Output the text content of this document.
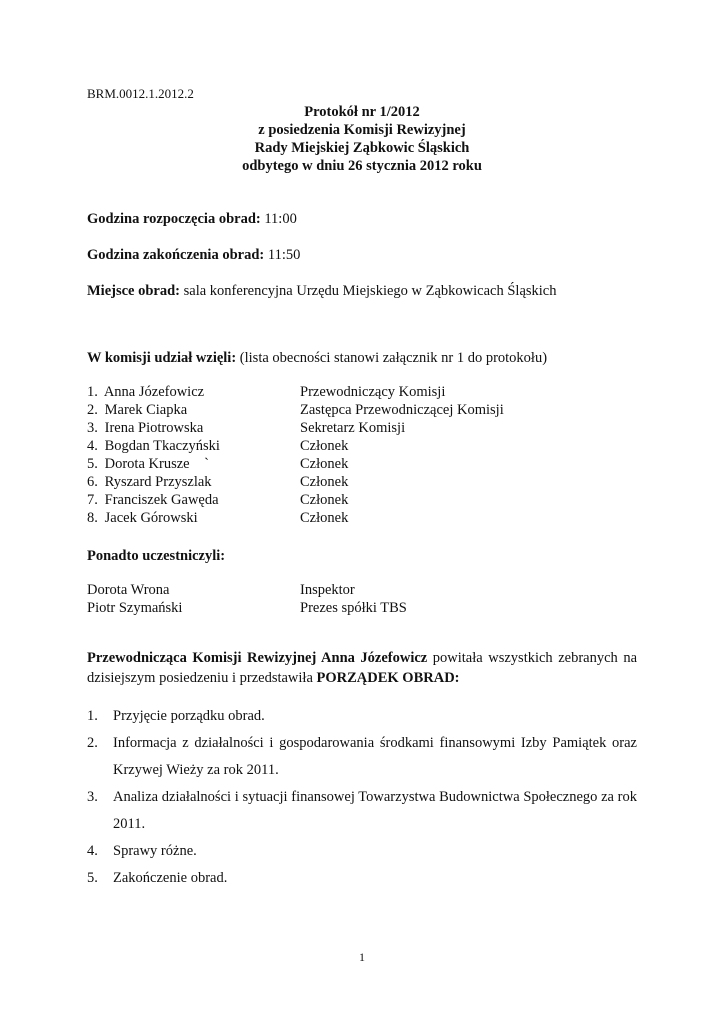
BRM.0012.1.2012.2
Protokół nr 1/2012
z posiedzenia Komisji Rewizyjnej
Rady Miejskiej Ząbkowic Śląskich
odbytego w dniu 26 stycznia 2012 roku
Godzina rozpoczęcia obrad: 11:00
Godzina zakończenia obrad: 11:50
Miejsce obrad: sala konferencyjna Urzędu Miejskiego w Ząbkowicach Śląskich
W komisji udział wzięli: (lista obecności stanowi załącznik nr 1 do protokołu)
1. Anna Józefowicz	Przewodniczący Komisji
2. Marek Ciapka	Zastępca Przewodniczącej Komisji
3. Irena Piotrowska	Sekretarz Komisji
4. Bogdan Tkaczyński	Członek
5. Dorota Krusze    `	Członek
6. Ryszard Przyszlak	Członek
7. Franciszek Gawęda	Członek
8. Jacek Górowski	Członek
Ponadto uczestniczyli:
Dorota Wrona	Inspektor
Piotr Szymański	Prezes spółki TBS
Przewodnicząca Komisji Rewizyjnej Anna Józefowicz powitała wszystkich zebranych na dzisiejszym posiedzeniu i przedstawiła PORZĄDEK OBRAD:
1. Przyjęcie porządku obrad.
2. Informacja z działalności i gospodarowania środkami finansowymi Izby Pamiątek oraz Krzywej Wieży za rok 2011.
3. Analiza działalności i sytuacji finansowej Towarzystwa Budownictwa Społecznego za rok 2011.
4. Sprawy różne.
5. Zakończenie obrad.
1
